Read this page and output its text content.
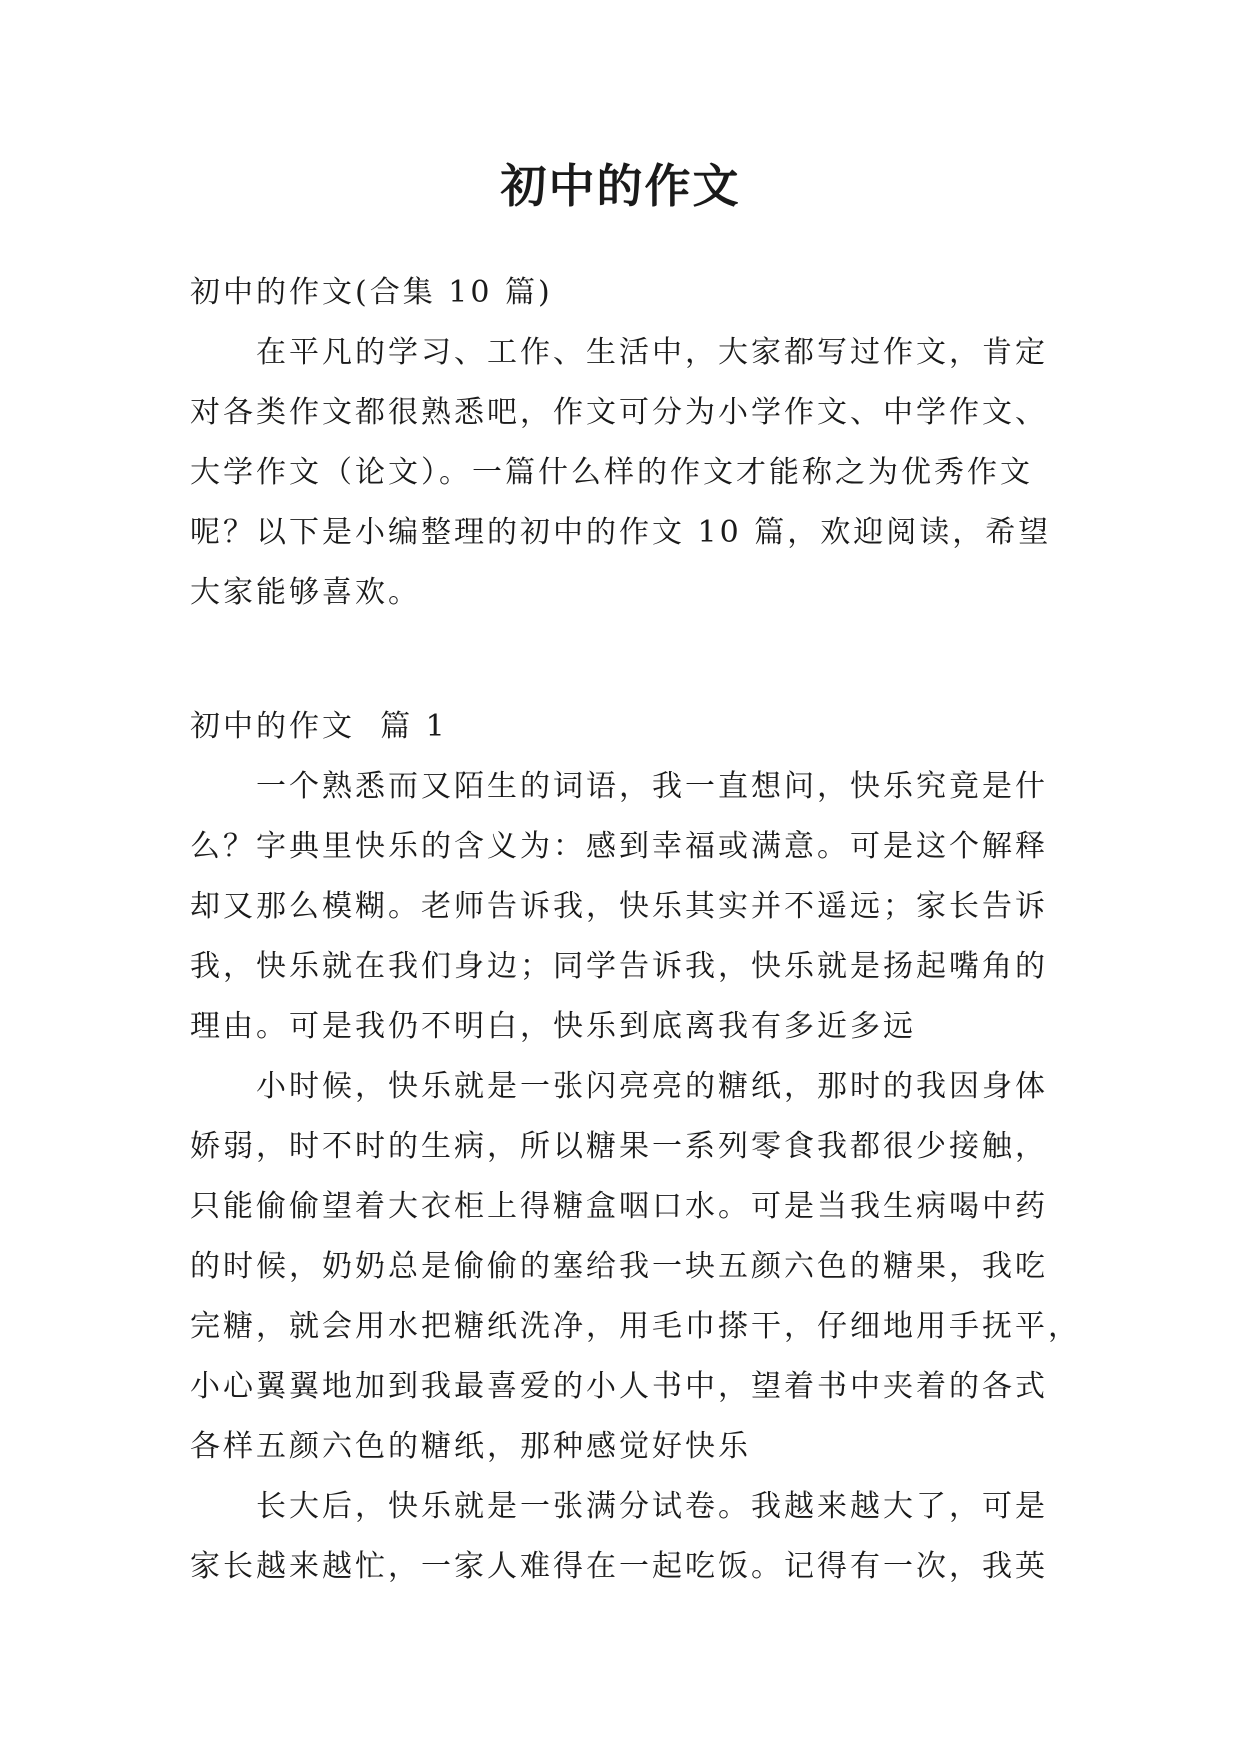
初中的作文
初中的作文(合集 10 篇)
在平凡的学习、工作、生活中，大家都写过作文，肯定
对各类作文都很熟悉吧，作文可分为小学作文、中学作文、
大学作文（论文）。一篇什么样的作文才能称之为优秀作文
呢？以下是小编整理的初中的作文 10 篇，欢迎阅读，希望
大家能够喜欢。
初中的作文  篇 1
一个熟悉而又陌生的词语，我一直想问，快乐究竟是什
么？字典里快乐的含义为：感到幸福或满意。可是这个解释
却又那么模糊。老师告诉我，快乐其实并不遥远；家长告诉
我，快乐就在我们身边；同学告诉我，快乐就是扬起嘴角的
理由。可是我仍不明白，快乐到底离我有多近多远
小时候，快乐就是一张闪亮亮的糖纸，那时的我因身体
娇弱，时不时的生病，所以糖果一系列零食我都很少接触，
只能偷偷望着大衣柜上得糖盒咽口水。可是当我生病喝中药
的时候，奶奶总是偷偷的塞给我一块五颜六色的糖果，我吃
完糖，就会用水把糖纸洗净，用毛巾搽干，仔细地用手抚平，
小心翼翼地加到我最喜爱的小人书中，望着书中夹着的各式
各样五颜六色的糖纸，那种感觉好快乐
长大后，快乐就是一张满分试卷。我越来越大了，可是
家长越来越忙，一家人难得在一起吃饭。记得有一次，我英
